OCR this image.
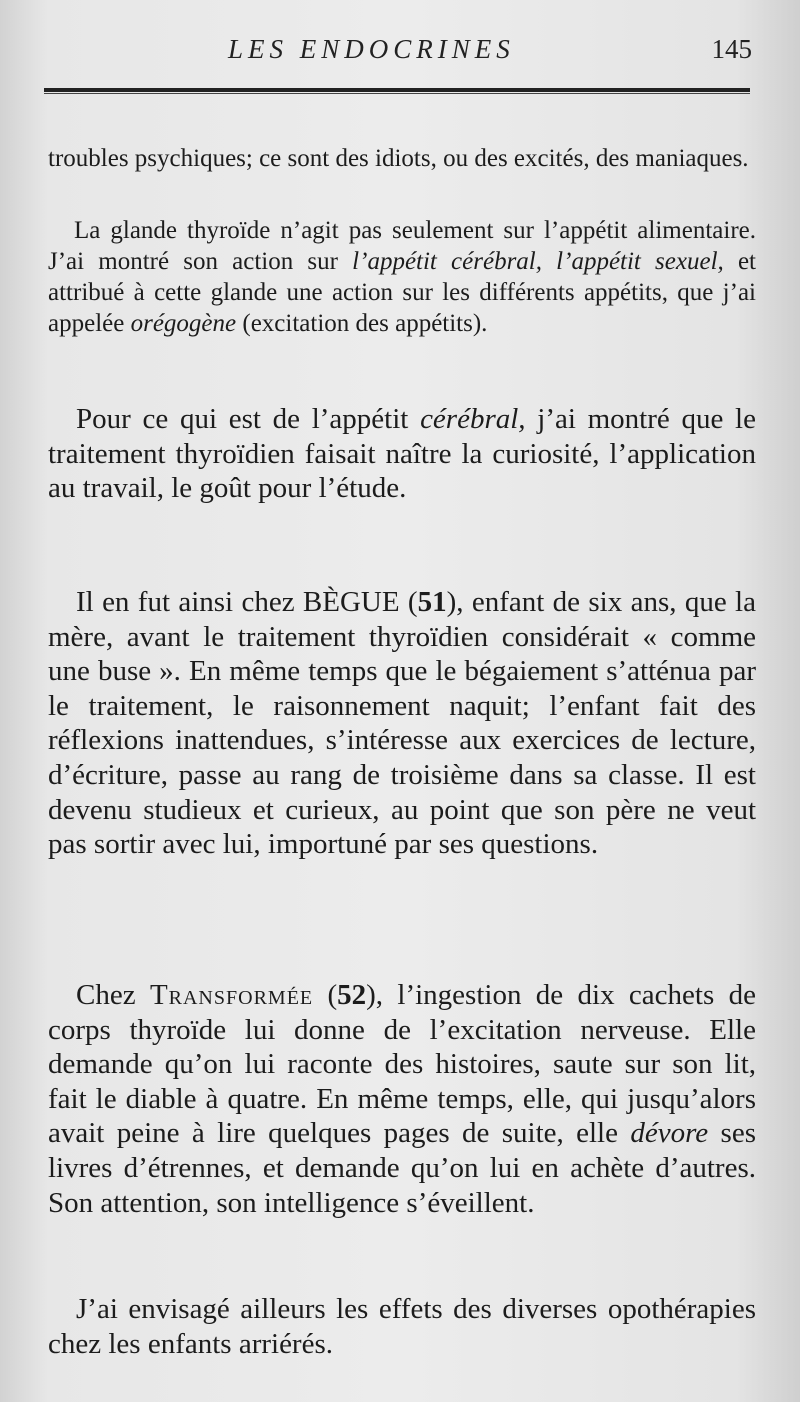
LES ENDOCRINES	145

troubles psychiques; ce sont des idiots, ou des excités, des maniaques.

La glande thyroïde n’agit pas seulement sur l’appétit alimentaire. J’ai montré son action sur l’appétit cérébral, l’appétit sexuel, et attribué à cette glande une action sur les différents appétits, que j’ai appelée orégogène (excitation des appétits).

Pour ce qui est de l’appétit cérébral, j’ai montré que le traitement thyroïdien faisait naître la curiosité, l’application au travail, le goût pour l’étude.

Il en fut ainsi chez BÈGUE (51), enfant de six ans, que la mère, avant le traitement thyroïdien considérait « comme une buse ». En même temps que le bégaiement s’atténua par le traitement, le raisonnement naquit; l’enfant fait des réflexions inattendues, s’intéresse aux exercices de lecture, d’écriture, passe au rang de troisième dans sa classe. Il est devenu studieux et curieux, au point que son père ne veut pas sortir avec lui, importuné par ses questions.

Chez Transformée (52), l’ingestion de dix cachets de corps thyroïde lui donne de l’excitation nerveuse. Elle demande qu’on lui raconte des histoires, saute sur son lit, fait le diable à quatre. En même temps, elle, qui jusqu’alors avait peine à lire quelques pages de suite, elle dévore ses livres d’étrennes, et demande qu’on lui en achète d’autres. Son attention, son intelligence s’éveillent.

J’ai envisagé ailleurs les effets des diverses opothérapies chez les enfants arriérés.
